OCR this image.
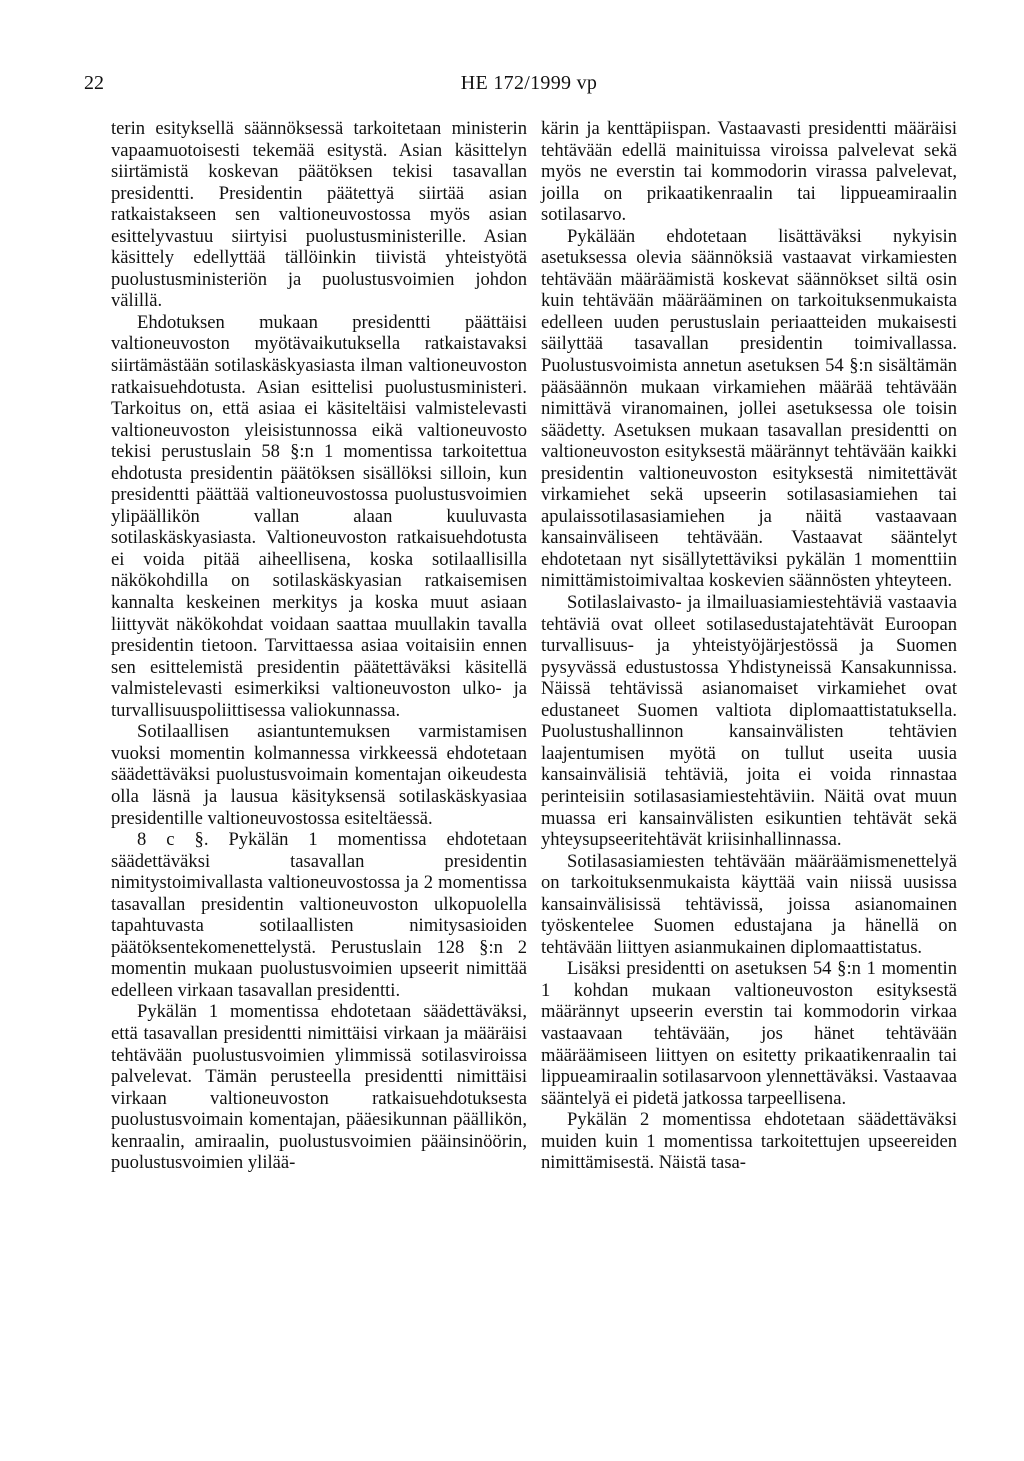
22	HE 172/1999 vp

terin esityksellä säännöksessä tarkoitetaan ministerin vapaamuotoisesti tekemää esitystä. Asian käsittelyn siirtämistä koskevan päätöksen tekisi tasavallan presidentti. Presidentin päätettyä siirtää asian ratkaistakseen sen valtioneuvostossa myös asian esittelyvastuu siirtyisi puolustusministerille. Asian käsittely edellyttää tällöinkin tiivistä yhteistyötä puolustusministeriön ja puolustusvoimien johdon välillä.

Ehdotuksen mukaan presidentti päättäisi valtioneuvoston myötävaikutuksella ratkaistavaksi siirtämästään sotilaskäskyasiasta ilman valtioneuvoston ratkaisuehdotusta. Asian esittelisi puolustusministeri. Tarkoitus on, että asiaa ei käsiteltäisi valmistelevasti valtioneuvoston yleisistunnossa eikä valtioneuvosto tekisi perustuslain 58 §:n 1 momentissa tarkoitettua ehdotusta presidentin päätöksen sisällöksi silloin, kun presidentti päättää valtioneuvostossa puolustusvoimien ylipäällikön vallan alaan kuuluvasta sotilaskäskyasiasta. Valtioneuvoston ratkaisuehdotusta ei voida pitää aiheellisena, koska sotilaallisilla näkökohdilla on sotilaskäskyasian ratkaisemisen kannalta keskeinen merkitys ja koska muut asiaan liittyvät näkökohdat voidaan saattaa muullakin tavalla presidentin tietoon. Tarvittaessa asiaa voitaisiin ennen sen esittelemistä presidentin päätettäväksi käsitellä valmistelevasti esimerkiksi valtioneuvoston ulko- ja turvallisuuspoliittisessa valiokunnassa.

Sotilaallisen asiantuntemuksen varmistamisen vuoksi momentin kolmannessa virkkeessä ehdotetaan säädettäväksi puolustusvoimain komentajan oikeudesta olla läsnä ja lausua käsityksensä sotilaskäskyasiaa presidentille valtioneuvostossa esiteltäessä.

8 c §. Pykälän 1 momentissa ehdotetaan säädettäväksi tasavallan presidentin nimitystoimivallasta valtioneuvostossa ja 2 momentissa tasavallan presidentin valtioneuvoston ulkopuolella tapahtuvasta sotilaallisten nimitysasioiden päätöksentekomenettelystä. Perustuslain 128 §:n 2 momentin mukaan puolustusvoimien upseerit nimittää edelleen virkaan tasavallan presidentti.

Pykälän 1 momentissa ehdotetaan säädettäväksi, että tasavallan presidentti nimittäisi virkaan ja määräisi tehtävään puolustusvoimien ylimmissä sotilasviroissa palvelevat. Tämän perusteella presidentti nimittäisi virkaan valtioneuvoston ratkaisuehdotuksesta puolustusvoimain komentajan, pääesikunnan päällikön, kenraalin, amiraalin, puolustusvoimien pääinsinöörin, puolustusvoimien ylilää-

kärin ja kenttäpiispan. Vastaavasti presidentti määräisi tehtävään edellä mainituissa viroissa palvelevat sekä myös ne everstin tai kommodorin virassa palvelevat, joilla on prikaatikenraalin tai lippueamiraalin sotilasarvo.

Pykälään ehdotetaan lisättäväksi nykyisin asetuksessa olevia säännöksiä vastaavat virkamiesten tehtävään määräämistä koskevat säännökset siltä osin kuin tehtävään määrääminen on tarkoituksenmukaista edelleen uuden perustuslain periaatteiden mukaisesti säilyttää tasavallan presidentin toimivallassa. Puolustusvoimista annetun asetuksen 54 §:n sisältämän pääsäännön mukaan virkamiehen määrää tehtävään nimittävä viranomainen, jollei asetuksessa ole toisin säädetty. Asetuksen mukaan tasavallan presidentti on valtioneuvoston esityksestä määrännyt tehtävään kaikki presidentin valtioneuvoston esityksestä nimitettävät virkamiehet sekä upseerin sotilasasiamiehen tai apulaissotilasasiamiehen ja näitä vastaavaan kansainväliseen tehtävään. Vastaavat sääntelyt ehdotetaan nyt sisällytettäviksi pykälän 1 momenttiin nimittämistoimivaltaa koskevien säännösten yhteyteen.

Sotilaslaivasto- ja ilmailuasiamiestehtäviä vastaavia tehtäviä ovat olleet sotilasedustajatehtävät Euroopan turvallisuus- ja yhteistyöjärjestössä ja Suomen pysyvässä edustustossa Yhdistyneissä Kansakunnissa. Näissä tehtävissä asianomaiset virkamiehet ovat edustaneet Suomen valtiota diplomaattistatuksella. Puolustushallinnon kansainvälisten tehtävien laajentumisen myötä on tullut useita uusia kansainvälisiä tehtäviä, joita ei voida rinnastaa perinteisiin sotilasasiamiestehtäviin. Näitä ovat muun muassa eri kansainvälisten esikuntien tehtävät sekä yhteysupseeritehtävät kriisinhallinnassa.

Sotilasasiamiesten tehtävään määräämismenettelyä on tarkoituksenmukaista käyttää vain niissä uusissa kansainvälisissä tehtävissä, joissa asianomainen työskentelee Suomen edustajana ja hänellä on tehtävään liittyen asianmukainen diplomaattistatus.

Lisäksi presidentti on asetuksen 54 §:n 1 momentin 1 kohdan mukaan valtioneuvoston esityksestä määrännyt upseerin everstin tai kommodorin virkaa vastaavaan tehtävään, jos hänet tehtävään määräämiseen liittyen on esitetty prikaatikenraalin tai lippueamiraalin sotilasarvoon ylennettäväksi. Vastaavaa sääntelyä ei pidetä jatkossa tarpeellisena.

Pykälän 2 momentissa ehdotetaan säädettäväksi muiden kuin 1 momentissa tarkoitettujen upseereiden nimittämisestä. Näistä tasa-
